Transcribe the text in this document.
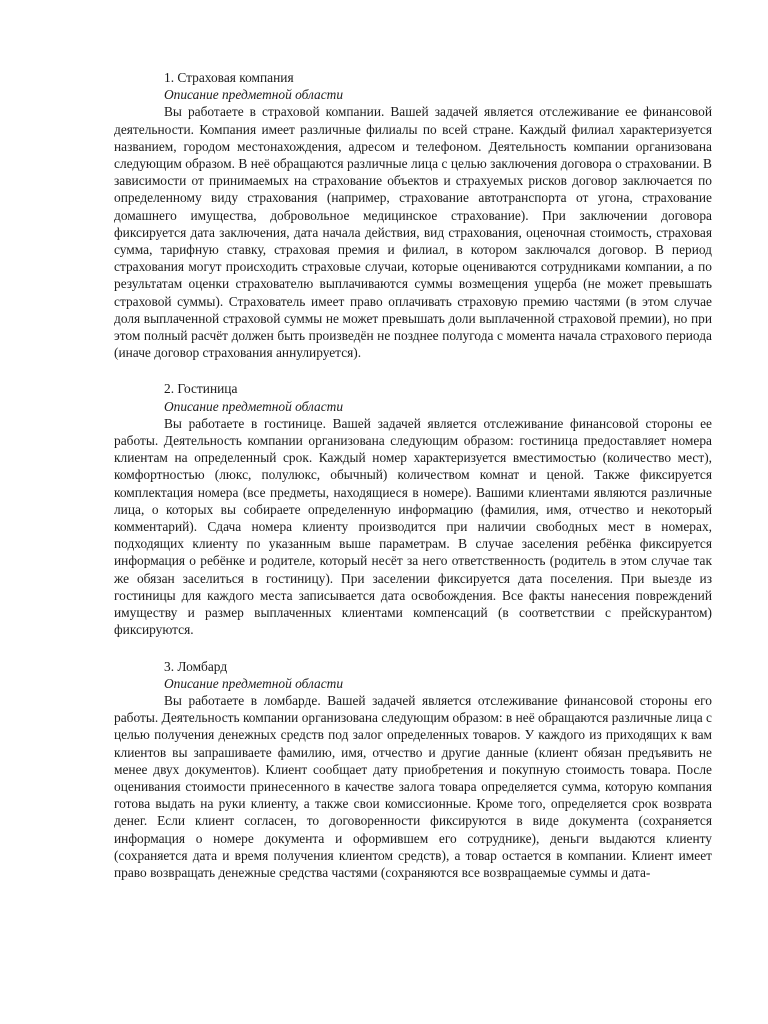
1. Страховая компания
Описание предметной области

Вы работаете в страховой компании. Вашей задачей является отслеживание ее финансовой деятельности. Компания имеет различные филиалы по всей стране. Каждый филиал характеризуется названием, городом местонахождения, адресом и телефоном. Деятельность компании организована следующим образом. В неё обращаются различные лица с целью заключения договора о страховании. В зависимости от принимаемых на страхование объектов и страхуемых рисков договор заключается по определенному виду страхования (например, страхование автотранспорта от угона, страхование домашнего имущества, добровольное медицинское страхование). При заключении договора фиксируется дата заключения, дата начала действия, вид страхования, оценочная стоимость, страховая сумма, тарифную ставку, страховая премия и филиал, в котором заключался договор. В период страхования могут происходить страховые случаи, которые оцениваются сотрудниками компании, а по результатам оценки страхователю выплачиваются суммы возмещения ущерба (не может превышать страховой суммы). Страхователь имеет право оплачивать страховую премию частями (в этом случае доля выплаченной страховой суммы не может превышать доли выплаченной страховой премии), но при этом полный расчёт должен быть произведён не позднее полугода с момента начала страхового периода (иначе договор страхования аннулируется).

2. Гостиница
Описание предметной области

Вы работаете в гостинице. Вашей задачей является отслеживание финансовой стороны ее работы. Деятельность компании организована следующим образом: гостиница предоставляет номера клиентам на определенный срок. Каждый номер характеризуется вместимостью (количество мест), комфортностью (люкс, полулюкс, обычный) количеством комнат и ценой. Также фиксируется комплектация номера (все предметы, находящиеся в номере). Вашими клиентами являются различные лица, о которых вы собираете определенную информацию (фамилия, имя, отчество и некоторый комментарий). Сдача номера клиенту производится при наличии свободных мест в номерах, подходящих клиенту по указанным выше параметрам. В случае заселения ребёнка фиксируется информация о ребёнке и родителе, который несёт за него ответственность (родитель в этом случае так же обязан заселиться в гостиницу). При заселении фиксируется дата поселения. При выезде из гостиницы для каждого места записывается дата освобождения. Все факты нанесения повреждений имуществу и размер выплаченных клиентами компенсаций (в соответствии с прейскурантом) фиксируются.

3. Ломбард
Описание предметной области

Вы работаете в ломбарде. Вашей задачей является отслеживание финансовой стороны его работы. Деятельность компании организована следующим образом: в неё обращаются различные лица с целью получения денежных средств под залог определенных товаров. У каждого из приходящих к вам клиентов вы запрашиваете фамилию, имя, отчество и другие данные (клиент обязан предъявить не менее двух документов). Клиент сообщает дату приобретения и покупную стоимость товара. После оценивания стоимости принесенного в качестве залога товара определяется сумма, которую компания готова выдать на руки клиенту, а также свои комиссионные. Кроме того, определяется срок возврата денег. Если клиент согласен, то договоренности фиксируются в виде документа (сохраняется информация о номере документа и оформившем его сотруднике), деньги выдаются клиенту (сохраняется дата и время получения клиентом средств), а товар остается в компании. Клиент имеет право возвращать денежные средства частями (сохраняются все возвращаемые суммы и дата-
